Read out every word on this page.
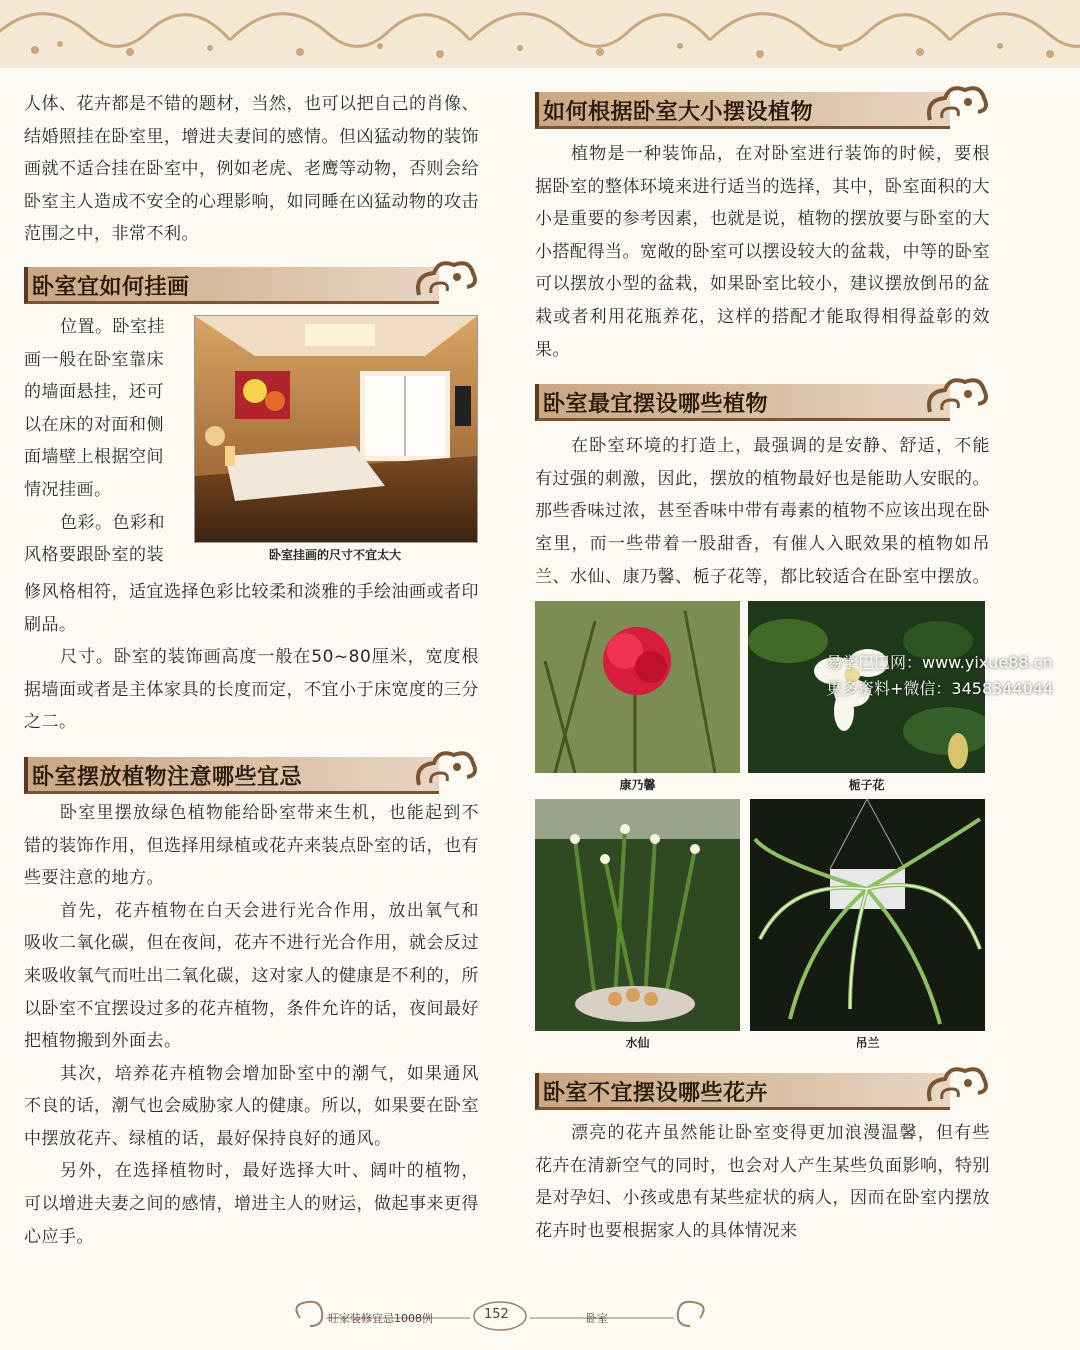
人体、花卉都是不错的题材，当然，也可以把自己的肖像、结婚照挂在卧室里，增进夫妻间的感情。但凶猛动物的装饰画就不适合挂在卧室中，例如老虎、老鹰等动物，否则会给卧室主人造成不安全的心理影响，如同睡在凶猛动物的攻击范围之中，非常不利。

卧室宜如何挂画

位置。卧室挂

画一般在卧室靠床

的墙面悬挂，还可

以在床的对面和侧

面墙壁上根据空间

情况挂画。

色彩。色彩和

风格要跟卧室的装	卧室挂画的尺寸不宜太大

修风格相符，适宜选择色彩比较柔和淡雅的手绘油画或者印刷品。

尺寸。卧室的装饰画高度一般在50~80厘米，宽度根据墙面或者是主体家具的长度而定，不宜小于床宽度的三分之二。

卧室摆放植物注意哪些宜忌

卧室里摆放绿色植物能给卧室带来生机，也能起到不错的装饰作用，但选择用绿植或花卉来装点卧室的话，也有些要注意的地方。

首先，花卉植物在白天会进行光合作用，放出氧气和吸收二氧化碳，但在夜间，花卉不进行光合作用，就会反过来吸收氧气而吐出二氧化碳，这对家人的健康是不利的，所以卧室不宜摆设过多的花卉植物，条件允许的话，夜间最好把植物搬到外面去。

其次，培养花卉植物会增加卧室中的潮气，如果通风不良的话，潮气也会威胁家人的健康。所以，如果要在卧室中摆放花卉、绿植的话，最好保持良好的通风。

另外，在选择植物时，最好选择大叶、阔叶的植物，可以增进夫妻之间的感情，增进主人的财运，做起事来更得心应手。

如何根据卧室大小摆设植物

植物是一种装饰品，在对卧室进行装饰的时候，要根据卧室的整体环境来进行适当的选择，其中，卧室面积的大小是重要的参考因素，也就是说，植物的摆放要与卧室的大小搭配得当。宽敞的卧室可以摆设较大的盆栽，中等的卧室可以摆放小型的盆栽，如果卧室比较小，建议摆放倒吊的盆栽或者利用花瓶养花，这样的搭配才能取得相得益彰的效果。

卧室最宜摆设哪些植物

在卧室环境的打造上，最强调的是安静、舒适，不能有过强的刺激，因此，摆放的植物最好也是能助人安眠的。那些香味过浓，甚至香味中带有毒素的植物不应该出现在卧室里，而一些带着一股甜香，有催人入眠效果的植物如吊兰、水仙、康乃馨、栀子花等，都比较适合在卧室中摆放。

康乃馨	栀子花
水仙	吊兰
卧室不宜摆设哪些花卉

漂亮的花卉虽然能让卧室变得更加浪漫温馨，但有些花卉在清新空气的同时，也会对人产生某些负面影响，特别是对孕妇、小孩或患有某些症状的病人，因而在卧室内摆放花卉时也要根据家人的具体情况来

易学巴巴网：www.yixue88.cn
更多资料+微信：3458344044
旺家装修宜忌1008例	152	卧室
